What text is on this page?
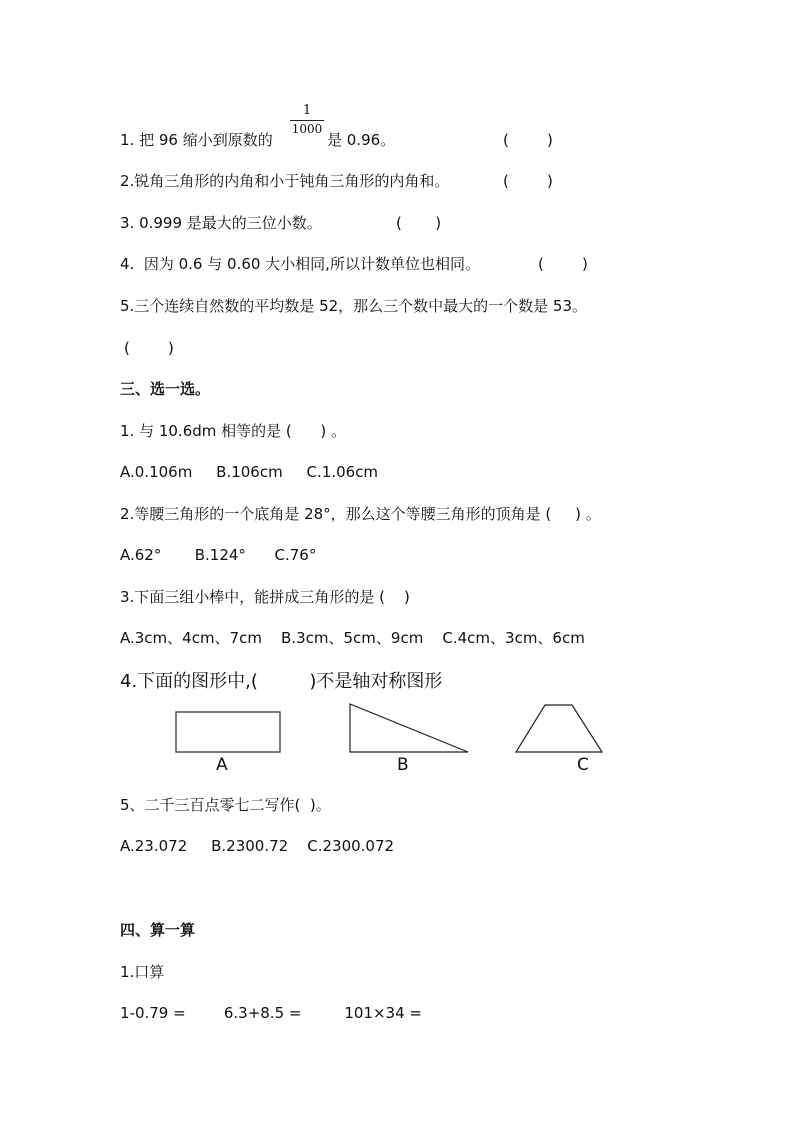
1. 把 96 缩小到原数的
1
1000
是 0.96。	(        )
2.锐角三角形的内角和小于钝角三角形的内角和。	(        )
3. 0.999 是最大的三位小数。	(       )
4.  因为 0.6 与 0.60 大小相同,所以计数单位也相同。	(        )
5.三个连续自然数的平均数是 52，那么三个数中最大的一个数是 53。
(        )
三、选一选。
1. 与 10.6dm 相等的是 (      ) 。
A.0.106m     B.106cm     C.1.06cm
2.等腰三角形的一个底角是 28°，那么这个等腰三角形的顶角是 (     ) 。
A.62°       B.124°      C.76°
3.下面三组小棒中，能拼成三角形的是 (    )
A.3cm、4cm、7cm    B.3cm、5cm、9cm    C.4cm、3cm、6cm
4.下面的图形中,(         )不是轴对称图形
A	B	C
5、二千三百点零七二写作(  )。
A.23.072     B.2300.72    C.2300.072
四、算一算
1.口算
1-0.79 =        6.3+8.5 =         101×34 =
